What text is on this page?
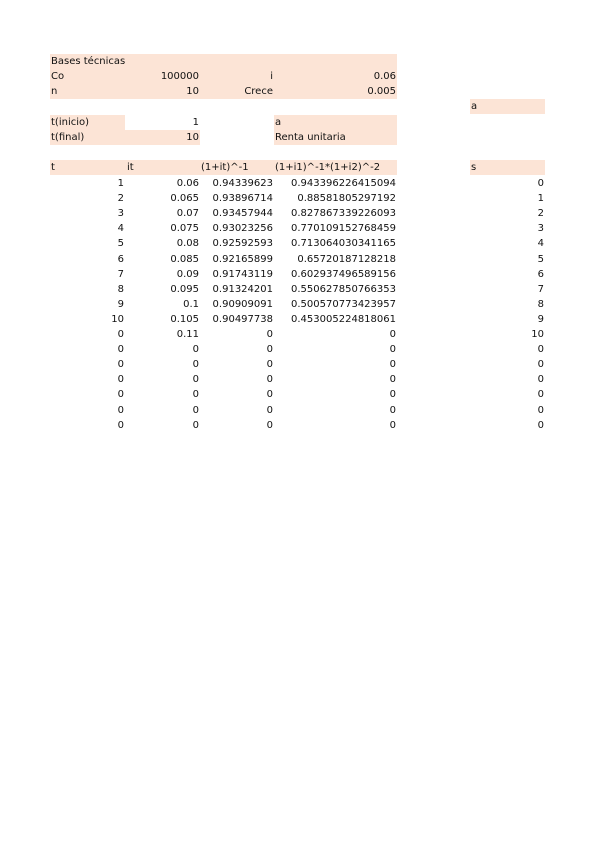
Bases técnicas
Co	100000	i	0.06
n	10	Crece	0.005
a
t(inicio)	1	a
t(final)	10	Renta unitaria
t	it	(1+it)^-1	(1+i1)^-1*(1+i2)^-2	s
1	0.06	0.94339623	0.943396226415094	0
2	0.065	0.93896714	0.88581805297192	1
3	0.07	0.93457944	0.827867339226093	2
4	0.075	0.93023256	0.770109152768459	3
5	0.08	0.92592593	0.713064030341165	4
6	0.085	0.92165899	0.65720187128218	5
7	0.09	0.91743119	0.602937496589156	6
8	0.095	0.91324201	0.550627850766353	7
9	0.1	0.90909091	0.500570773423957	8
10	0.105	0.90497738	0.453005224818061	9
0	0.11	0	0	10
0	0	0	0	0
0	0	0	0	0
0	0	0	0	0
0	0	0	0	0
0	0	0	0	0
0	0	0	0	0
